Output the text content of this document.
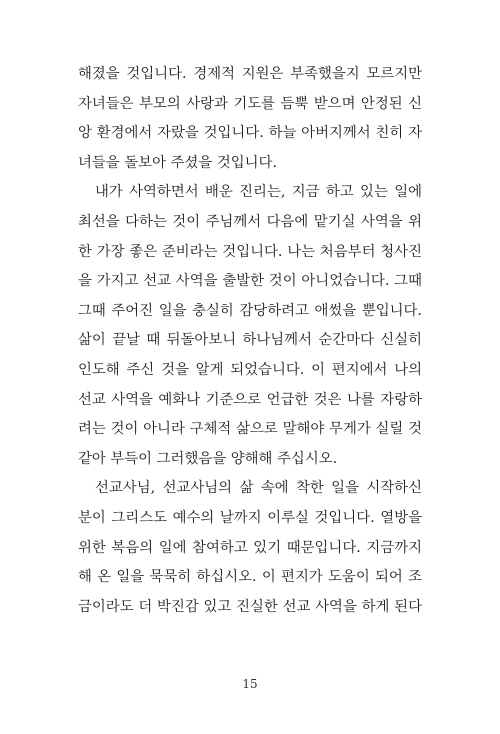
해졌을 것입니다. 경제적 지원은 부족했을지 모르지만
자녀들은 부모의 사랑과 기도를 듬뿍 받으며 안정된 신
앙 환경에서 자랐을 것입니다. 하늘 아버지께서 친히 자
녀들을 돌보아 주셨을 것입니다.
내가 사역하면서 배운 진리는, 지금 하고 있는 일에
최선을 다하는 것이 주님께서 다음에 맡기실 사역을 위
한 가장 좋은 준비라는 것입니다. 나는 처음부터 청사진
을 가지고 선교 사역을 출발한 것이 아니었습니다. 그때
그때 주어진 일을 충실히 감당하려고 애썼을 뿐입니다.
삶이 끝날 때 뒤돌아보니 하나님께서 순간마다 신실히
인도해 주신 것을 알게 되었습니다. 이 편지에서 나의
선교 사역을 예화나 기준으로 언급한 것은 나를 자랑하
려는 것이 아니라 구체적 삶으로 말해야 무게가 실릴 것
같아 부득이 그러했음을 양해해 주십시오.
선교사님, 선교사님의 삶 속에 착한 일을 시작하신
분이 그리스도 예수의 날까지 이루실 것입니다. 열방을
위한 복음의 일에 참여하고 있기 때문입니다. 지금까지
해 온 일을 묵묵히 하십시오. 이 편지가 도움이 되어 조
금이라도 더 박진감 있고 진실한 선교 사역을 하게 된다
15
